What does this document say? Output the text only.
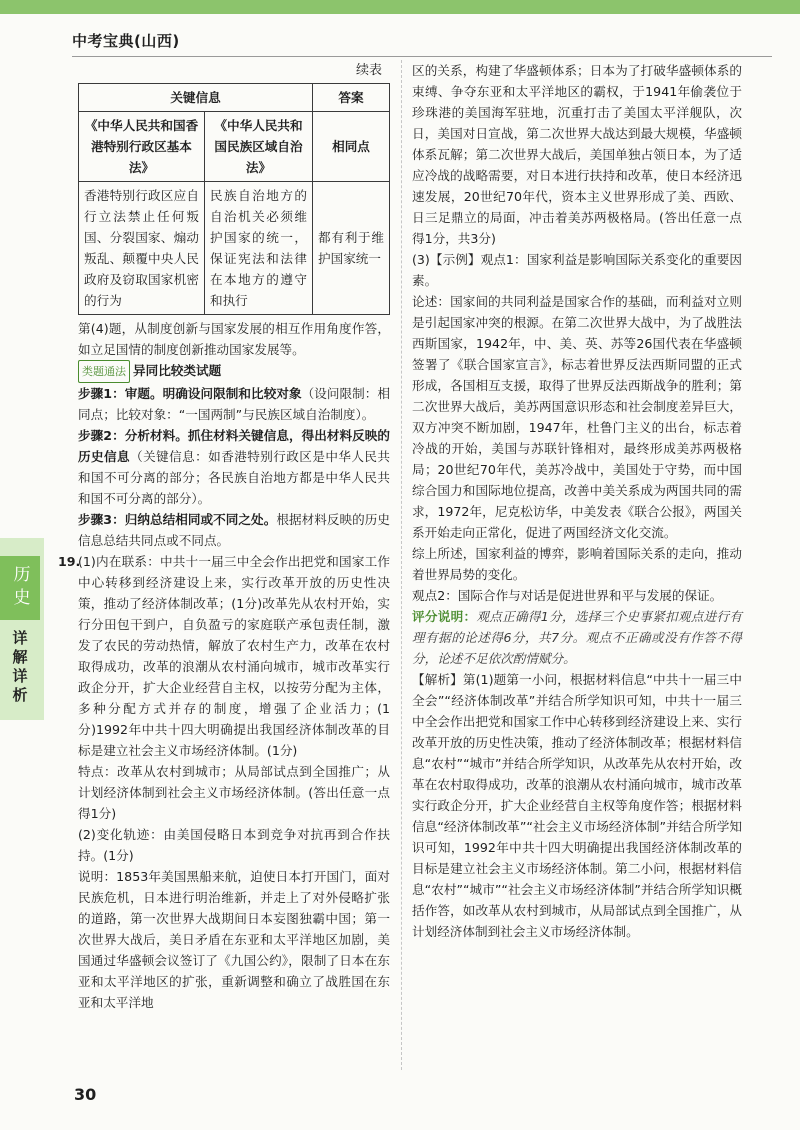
中考宝典(山西)
历史
详解详析
续表
关键信息		答案
《中华人民共和国香港特别行政区基本法》	《中华人民共和国民族区域自治法》	相同点
香港特别行政区应自行立法禁止任何叛国、分裂国家、煽动叛乱、颠覆中央人民政府及窃取国家机密的行为	民族自治地方的自治机关必须维护国家的统一，保证宪法和法律在本地方的遵守和执行	都有利于维护国家统一

第(4)题，从制度创新与国家发展的相互作用角度作答，如立足国情的制度创新推动国家发展等。

类题通法 异同比较类试题

步骤1：审题。明确设问限制和比较对象（设问限制：相同点；比较对象：“一国两制”与民族区域自治制度）。

步骤2：分析材料。抓住材料关键信息，得出材料反映的历史信息（关键信息：如香港特别行政区是中华人民共和国不可分离的部分；各民族自治地方都是中华人民共和国不可分离的部分）。

步骤3：归纳总结相同或不同之处。根据材料反映的历史信息总结共同点或不同点。

19.

(1)内在联系：中共十一届三中全会作出把党和国家工作中心转移到经济建设上来，实行改革开放的历史性决策，推动了经济体制改革；(1分)改革先从农村开始，实行分田包干到户，自负盈亏的家庭联产承包责任制，激发了农民的劳动热情，解放了农村生产力，改革在农村取得成功，改革的浪潮从农村涌向城市，城市改革实行政企分开，扩大企业经营自主权，以按劳分配为主体，多种分配方式并存的制度，增强了企业活力；(1分)1992年中共十四大明确提出我国经济体制改革的目标是建立社会主义市场经济体制。(1分)

特点：改革从农村到城市；从局部试点到全国推广；从计划经济体制到社会主义市场经济体制。(答出任意一点得1分)

(2)变化轨迹：由美国侵略日本到竞争对抗再到合作扶持。(1分)

说明：1853年美国黑船来航，迫使日本打开国门，面对民族危机，日本进行明治维新，并走上了对外侵略扩张的道路，第一次世界大战期间日本妄图独霸中国；第一次世界大战后，美日矛盾在东亚和太平洋地区加剧，美国通过华盛顿会议签订了《九国公约》，限制了日本在东亚和太平洋地区的扩张，重新调整和确立了战胜国在东亚和太平洋地

区的关系，构建了华盛顿体系；日本为了打破华盛顿体系的束缚、争夺东亚和太平洋地区的霸权，于1941年偷袭位于珍珠港的美国海军驻地，沉重打击了美国太平洋舰队，次日，美国对日宣战，第二次世界大战达到最大规模，华盛顿体系瓦解；第二次世界大战后，美国单独占领日本，为了适应冷战的战略需要，对日本进行扶持和改革，使日本经济迅速发展，20世纪70年代，资本主义世界形成了美、西欧、日三足鼎立的局面，冲击着美苏两极格局。(答出任意一点得1分，共3分)

(3)【示例】观点1：国家利益是影响国际关系变化的重要因素。

论述：国家间的共同利益是国家合作的基础，而利益对立则是引起国家冲突的根源。在第二次世界大战中，为了战胜法西斯国家，1942年，中、美、英、苏等26国代表在华盛顿签署了《联合国家宣言》，标志着世界反法西斯同盟的正式形成，各国相互支援，取得了世界反法西斯战争的胜利；第二次世界大战后，美苏两国意识形态和社会制度差异巨大，双方冲突不断加剧，1947年，杜鲁门主义的出台，标志着冷战的开始，美国与苏联针锋相对，最终形成美苏两极格局；20世纪70年代，美苏冷战中，美国处于守势，而中国综合国力和国际地位提高，改善中美关系成为两国共同的需求，1972年，尼克松访华，中美发表《联合公报》，两国关系开始走向正常化，促进了两国经济文化交流。

综上所述，国家利益的博弈，影响着国际关系的走向，推动着世界局势的变化。

观点2：国际合作与对话是促进世界和平与发展的保证。

评分说明：观点正确得1分，选择三个史事紧扣观点进行有理有据的论述得6分，共7分。观点不正确或没有作答不得分，论述不足依次酌情赋分。

【解析】第(1)题第一小问，根据材料信息“中共十一届三中全会”“经济体制改革”并结合所学知识可知，中共十一届三中全会作出把党和国家工作中心转移到经济建设上来、实行改革开放的历史性决策，推动了经济体制改革；根据材料信息“农村”“城市”并结合所学知识，从改革先从农村开始，改革在农村取得成功，改革的浪潮从农村涌向城市，城市改革实行政企分开，扩大企业经营自主权等角度作答；根据材料信息“经济体制改革”“社会主义市场经济体制”并结合所学知识可知，1992年中共十四大明确提出我国经济体制改革的目标是建立社会主义市场经济体制。第二小问，根据材料信息“农村”“城市”“社会主义市场经济体制”并结合所学知识概括作答，如改革从农村到城市，从局部试点到全国推广，从计划经济体制到社会主义市场经济体制。

30
